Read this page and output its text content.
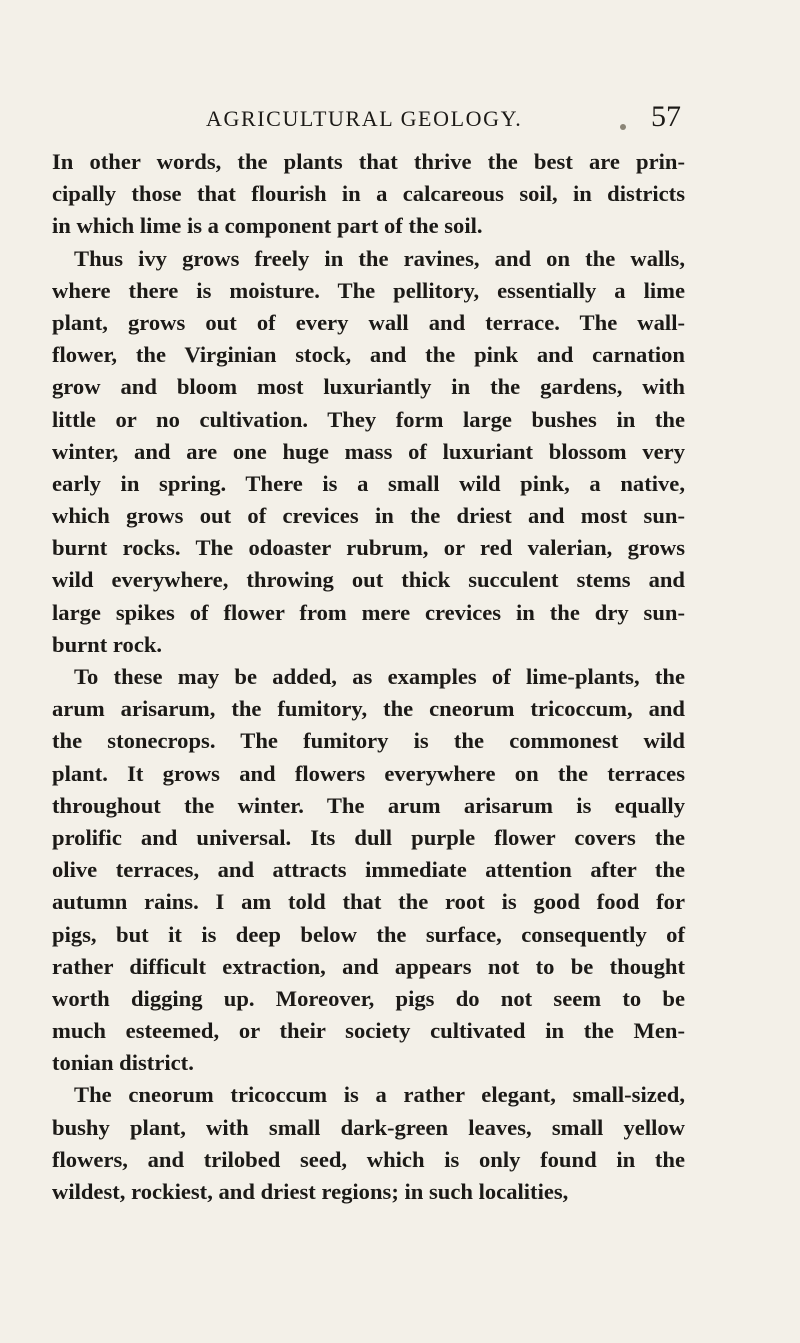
AGRICULTURAL GEOLOGY.	57
In other words, the plants that thrive the best are prin-
cipally those that flourish in a calcareous soil, in districts
in which lime is a component part of the soil.
Thus ivy grows freely in the ravines, and on the walls,
where there is moisture. The pellitory, essentially a lime
plant, grows out of every wall and terrace. The wall-
flower, the Virginian stock, and the pink and carnation
grow and bloom most luxuriantly in the gardens, with
little or no cultivation. They form large bushes in the
winter, and are one huge mass of luxuriant blossom very
early in spring. There is a small wild pink, a native,
which grows out of crevices in the driest and most sun-
burnt rocks. The odoaster rubrum, or red valerian, grows
wild everywhere, throwing out thick succulent stems and
large spikes of flower from mere crevices in the dry sun-
burnt rock.
To these may be added, as examples of lime-plants, the
arum arisarum, the fumitory, the cneorum tricoccum, and
the stonecrops. The fumitory is the commonest wild
plant. It grows and flowers everywhere on the terraces
throughout the winter. The arum arisarum is equally
prolific and universal. Its dull purple flower covers the
olive terraces, and attracts immediate attention after the
autumn rains. I am told that the root is good food for
pigs, but it is deep below the surface, consequently of
rather difficult extraction, and appears not to be thought
worth digging up. Moreover, pigs do not seem to be
much esteemed, or their society cultivated in the Men-
tonian district.
The cneorum tricoccum is a rather elegant, small-sized,
bushy plant, with small dark-green leaves, small yellow
flowers, and trilobed seed, which is only found in the
wildest, rockiest, and driest regions; in such localities,
